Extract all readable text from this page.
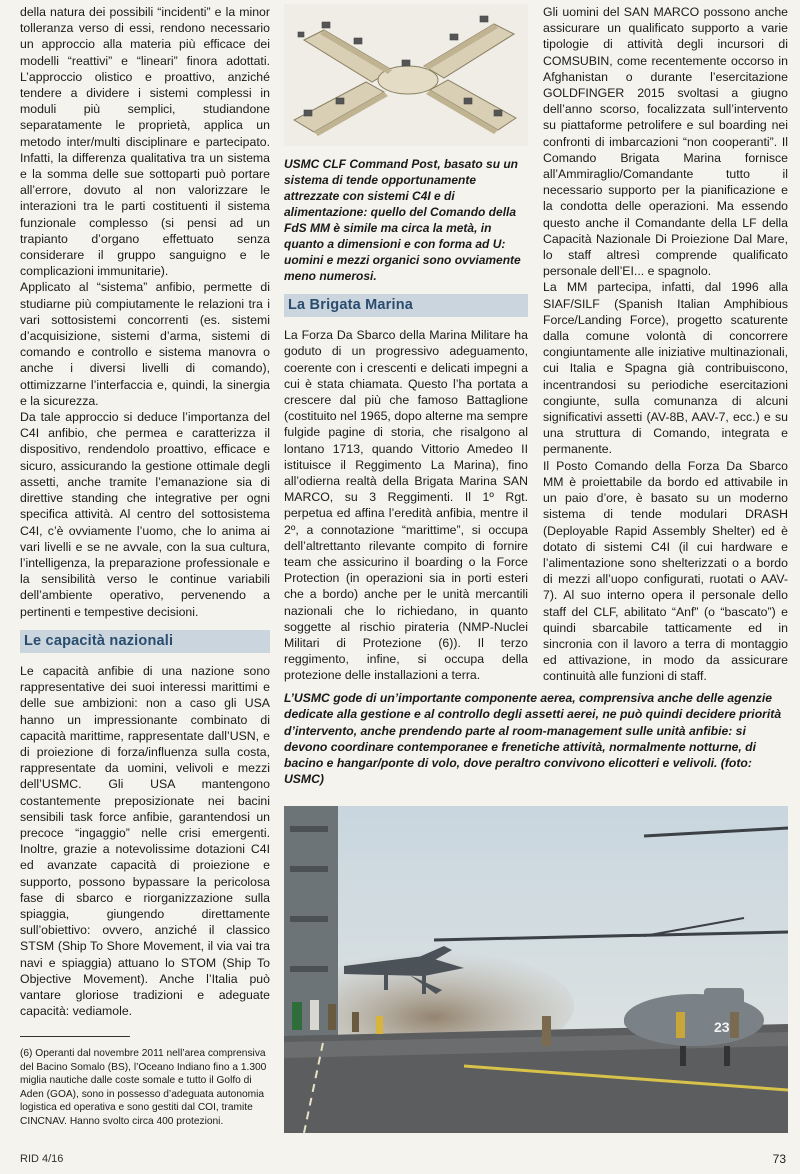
della natura dei possibili “incidenti” e la minor tolleranza verso di essi, rendono necessario un approccio alla materia più efficace dei modelli “reattivi” e “lineari” finora adottati. L’approccio olistico e proattivo, anziché tendere a dividere i sistemi complessi in moduli più semplici, studiandone separatamente le proprietà, applica un metodo inter/multi disciplinare e partecipato. Infatti, la differenza qualitativa tra un sistema e la somma delle sue sottoparti può portare all’errore, dovuto al non valorizzare le interazioni tra le parti costituenti il sistema funzionale complesso (si pensi ad un trapianto d’organo effettuato senza considerare il gruppo sanguigno e le complicazioni immunitarie).

Applicato al “sistema” anfibio, permette di studiarne più compiutamente le relazioni tra i vari sottosistemi concorrenti (es. sistemi d’acquisizione, sistemi d’arma, sistemi di comando e controllo e sistema manovra o anche i diversi livelli di comando), ottimizzarne l’interfaccia e, quindi, la sinergia e la sicurezza.

Da tale approccio si deduce l’importanza del C4I anfibio, che permea e caratterizza il dispositivo, rendendolo proattivo, efficace e sicuro, assicurando la gestione ottimale degli assetti, anche tramite l’emanazione sia di direttive standing che integrative per ogni specifica attività. Al centro del sottosistema C4I, c’è ovviamente l’uomo, che lo anima ai vari livelli e se ne avvale, con la sua cultura, l’intelligenza, la preparazione professionale e la sensibilità verso le continue variabili dell’ambiente operativo, pervenendo a pertinenti e tempestive decisioni.

Le capacità nazionali

Le capacità anfibie di una nazione sono rappresentative dei suoi interessi marittimi e delle sue ambizioni: non a caso gli USA hanno un impressionante combinato di capacità marittime, rappresentate dall’USN, e di proiezione di forza/influenza sulla costa, rappresentate da uomini, velivoli e mezzi dell’USMC. Gli USA mantengono costantemente preposizionate nei bacini sensibili task force anfibie, garantendosi un precoce “ingaggio” nelle crisi emergenti. Inoltre, grazie a notevolissime dotazioni C4I ed avanzate capacità di proiezione e supporto, possono bypassare la pericolosa fase di sbarco e riorganizzazione sulla spiaggia, giungendo direttamente sull’obiettivo: ovvero, anziché il classico STSM (Ship To Shore Movement, il via vai tra navi e spiaggia) attuano lo STOM (Ship To Objective Movement). Anche l’Italia può vantare gloriose tradizioni e adeguate capacità: vediamole.

(6) Operanti dal novembre 2011 nell’area comprensiva del Bacino Somalo (BS), l’Oceano Indiano fino a 1.300 miglia nautiche dalle coste somale e tutto il Golfo di Aden (GOA), sono in possesso d’adeguata autonomia logistica ed operativa e sono gestiti dal COI, tramite CINCNAV. Hanno svolto circa 400 protezioni.

USMC CLF Command Post, basato su un sistema di tende opportunamente attrezzate con sistemi C4I e di alimentazione: quello del Comando della FdS MM è simile ma circa la metà, in quanto a dimensioni e con forma ad U: uomini e mezzi organici sono ovviamente meno numerosi.

La Brigata Marina

La Forza Da Sbarco della Marina Militare ha goduto di un progressivo adeguamento, coerente con i crescenti e delicati impegni a cui è stata chiamata. Questo l’ha portata a crescere dal più che famoso Battaglione (costituito nel 1965, dopo alterne ma sempre fulgide pagine di storia, che risalgono al lontano 1713, quando Vittorio Amedeo II istituisce il Reggimento La Marina), fino all’odierna realtà della Brigata Marina SAN MARCO, su 3 Reggimenti. Il 1º Rgt. perpetua ed affina l’eredità anfibia, mentre il 2º, a connotazione “marittime”, si occupa dell’altrettanto rilevante compito di fornire team che assicurino il boarding o la Force Protection (in operazioni sia in porti esteri che a bordo) anche per le unità mercantili nazionali che lo richiedano, in quanto soggette al rischio pirateria (NMP-Nuclei Militari di Protezione (6)). Il terzo reggimento, infine, si occupa della protezione delle installazioni a terra.

Gli uomini del SAN MARCO possono anche assicurare un qualificato supporto a varie tipologie di attività degli incursori di COMSUBIN, come recentemente occorso in Afghanistan o durante l’esercitazione GOLDFINGER 2015 svoltasi a giugno dell’anno scorso, focalizzata sull’intervento su piattaforme petrolifere e sul boarding nei confronti di imbarcazioni “non cooperanti”. Il Comando Brigata Marina fornisce all’Ammiraglio/Comandante tutto il necessario supporto per la pianificazione e la condotta delle operazioni. Ma essendo questo anche il Comandante della LF della Capacità Nazionale Di Proiezione Dal Mare, lo staff altresì comprende qualificato personale dell’EI... e spagnolo.

La MM partecipa, infatti, dal 1996 alla SIAF/SILF (Spanish Italian Amphibious Force/Landing Force), progetto scaturente dalla comune volontà di concorrere congiuntamente alle iniziative multinazionali, cui Italia e Spagna già contribuiscono, incentrandosi su periodiche esercitazioni congiunte, sulla comunanza di alcuni significativi assetti (AV-8B, AAV-7, ecc.) e su una struttura di Comando, integrata e permanente.

Il Posto Comando della Forza Da Sbarco MM è proiettabile da bordo ed attivabile in un paio d’ore, è basato su un moderno sistema di tende modulari DRASH (Deployable Rapid Assembly Shelter) ed è dotato di sistemi C4I (il cui hardware e l’alimentazione sono shelterizzati o a bordo di mezzi all’uopo configurati, ruotati o AAV-7). Al suo interno opera il personale dello staff del CLF, abilitato “Anf” (o “bascato”) e quindi sbarcabile tatticamente ed in sincronia con il lavoro a terra di montaggio ed attivazione, in modo da assicurare continuità alle funzioni di staff.

L’USMC gode di un’importante componente aerea, comprensiva anche delle agenzie dedicate alla gestione e al controllo degli assetti aerei, ne può quindi decidere priorità d’intervento, anche prendendo parte al room-management sulle unità anfibie: si devono coordinare contemporanee e frenetiche attività, normalmente notturne, di bacino e hangar/ponte di volo, dove peraltro convivono elicotteri e velivoli. (foto: USMC)
23
RID 4/16	73
